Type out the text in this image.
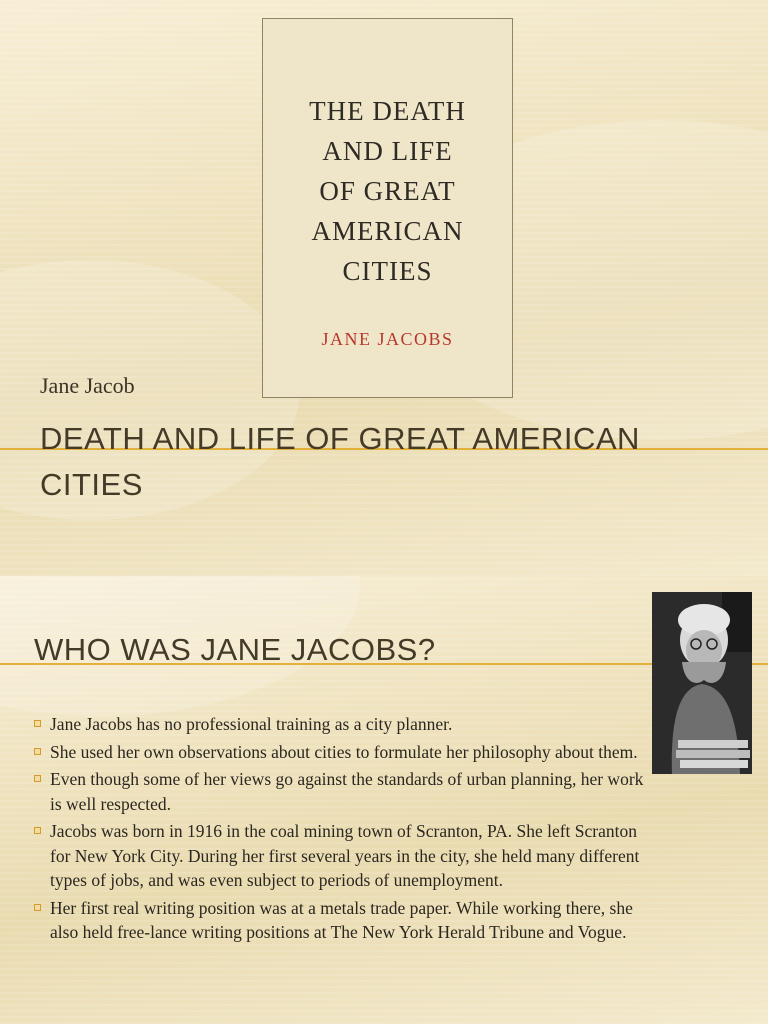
THE DEATH
AND LIFE
OF GREAT
AMERICAN
CITIES
JANE JACOBS
Jane Jacob
DEATH AND LIFE OF GREAT AMERICAN
CITIES
WHO WAS JANE JACOBS?
Jane Jacobs has no professional training as a city planner.
She used her own observations about cities to formulate her philosophy about them.
Even though some of her views go against the standards of urban planning, her work is well respected.
Jacobs was born in 1916 in the coal mining town of Scranton, PA. She left Scranton for New York City. During her first several years in the city, she held many different types of jobs, and was even subject to periods of unemployment.
Her first real writing position was at a metals trade paper. While working there, she also held free-lance writing positions at The New York Herald Tribune and Vogue.
